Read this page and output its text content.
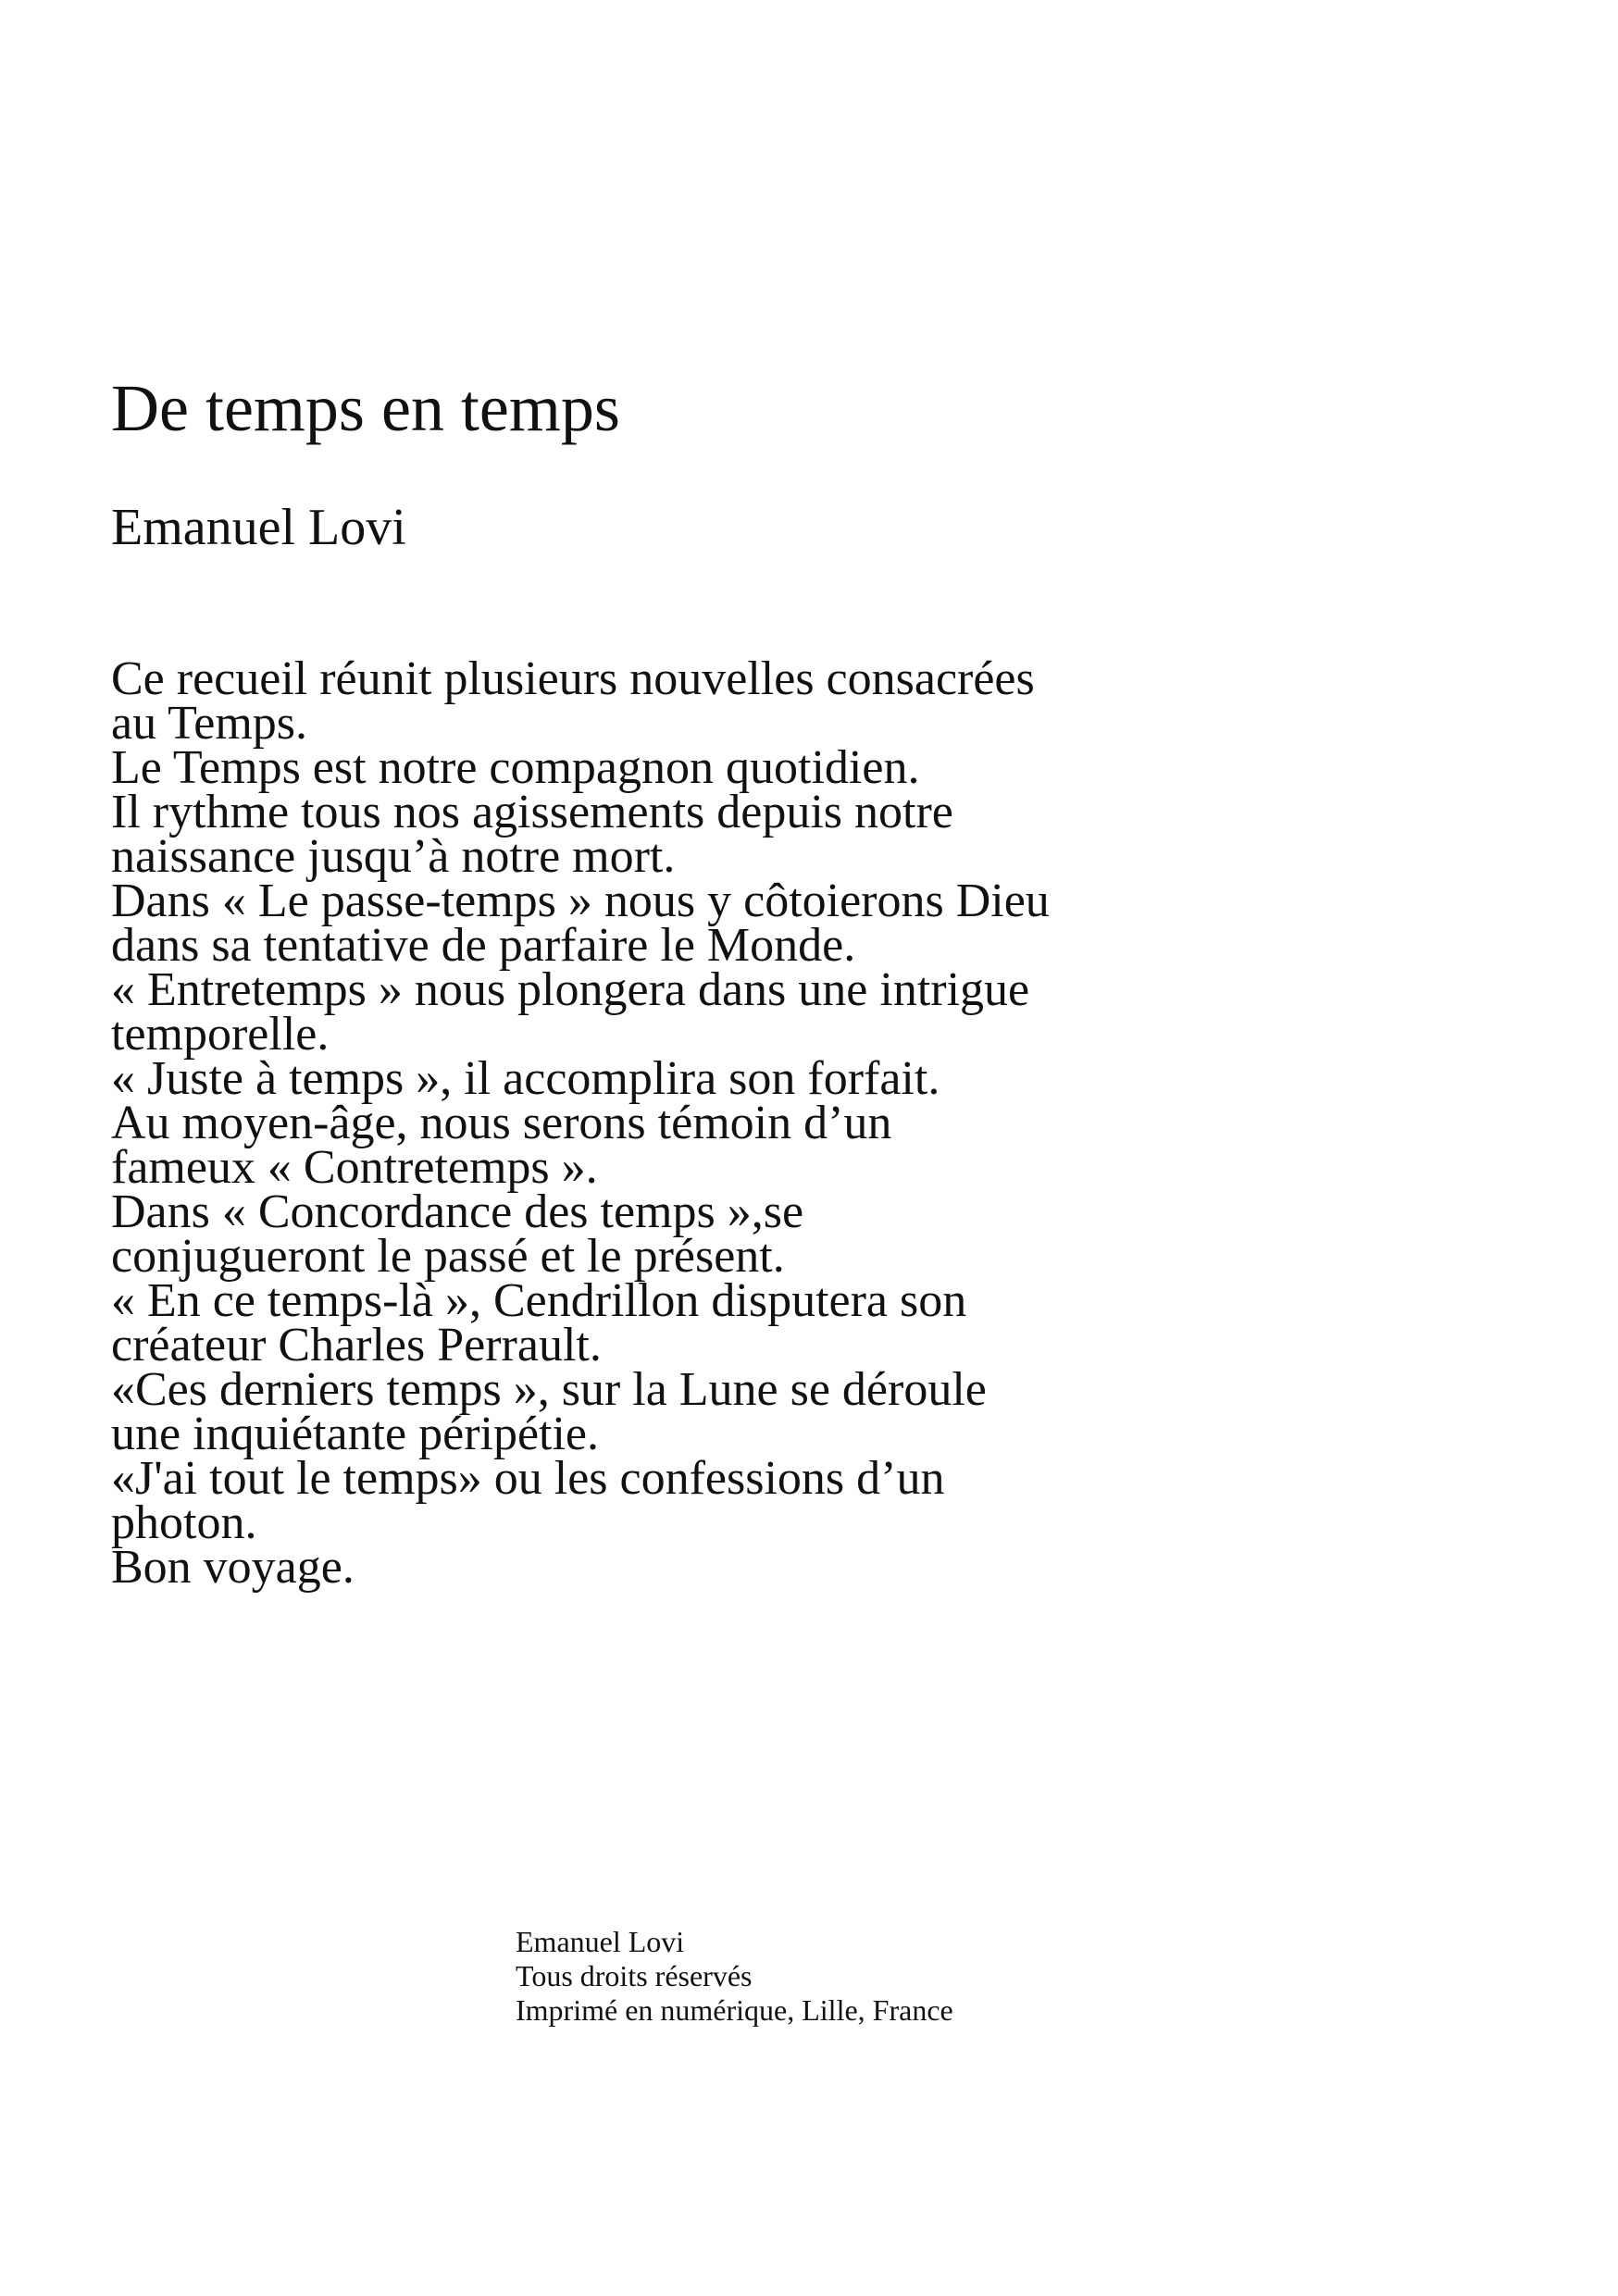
De temps en temps
Emanuel Lovi
Ce recueil réunit plusieurs nouvelles consacrées
au Temps.
Le Temps est notre compagnon quotidien.
Il rythme tous nos agissements depuis notre
naissance jusqu’à notre mort.
Dans « Le passe-temps » nous y côtoierons Dieu
dans sa tentative de parfaire le Monde.
« Entretemps » nous plongera dans une intrigue
temporelle.
« Juste à temps », il accomplira son forfait.
Au moyen-âge, nous serons témoin d’un
fameux « Contretemps ».
Dans « Concordance des temps »,se
conjugueront le passé et le présent.
« En ce temps-là », Cendrillon disputera son
créateur Charles Perrault.
«Ces derniers temps », sur la Lune se déroule
une inquiétante péripétie.
«J'ai tout le temps» ou les confessions d’un
photon.
Bon voyage.
Emanuel Lovi
Tous droits réservés
Imprimé en numérique, Lille, France
